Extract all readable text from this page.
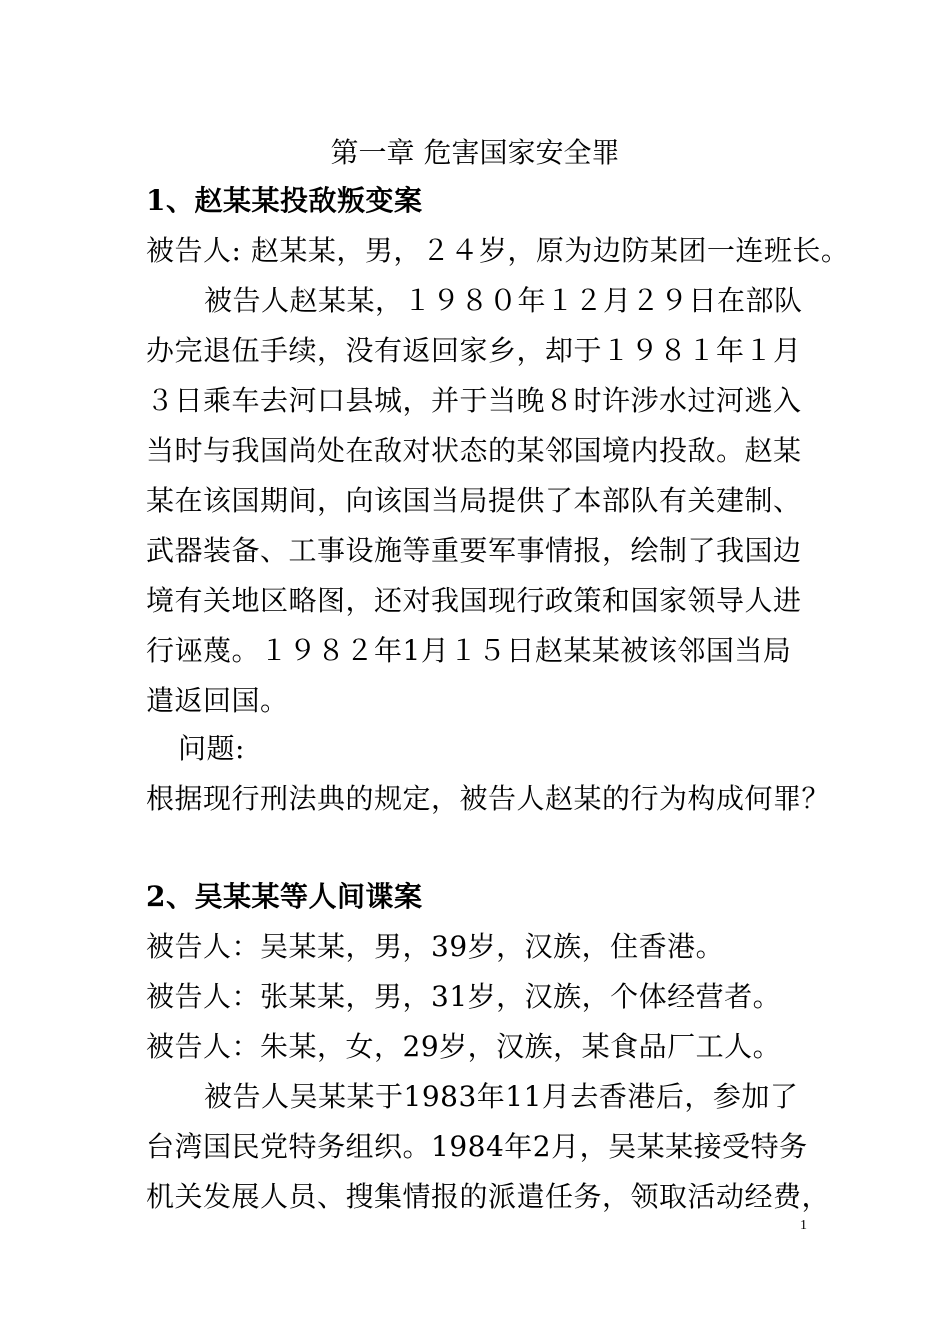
第一章 危害国家安全罪
1、赵某某投敌叛变案
被告人: 赵某某，男，２４岁，原为边防某团一连班长。
被告人赵某某，１９８０年１２月２９日在部队
办完退伍手续，没有返回家乡，却于１９８１年１月
３日乘车去河口县城，并于当晚８时许涉水过河逃入
当时与我国尚处在敌对状态的某邻国境内投敌。赵某
某在该国期间，向该国当局提供了本部队有关建制、
武器装备、工事设施等重要军事情报，绘制了我国边
境有关地区略图，还对我国现行政策和国家领导人进
行诬蔑。１９８２年1月１５日赵某某被该邻国当局
遣返回国。
问题:
根据现行刑法典的规定，被告人赵某的行为构成何罪？
2、吴某某等人间谍案
被告人：吴某某，男，39岁，汉族，住香港。
被告人：张某某，男，31岁，汉族，个体经营者。
被告人：朱某，女，29岁，汉族，某食品厂工人。
被告人吴某某于1983年11月去香港后，参加了
台湾国民党特务组织。1984年2月，吴某某接受特务
机关发展人员、搜集情报的派遣任务，领取活动经费，
1
